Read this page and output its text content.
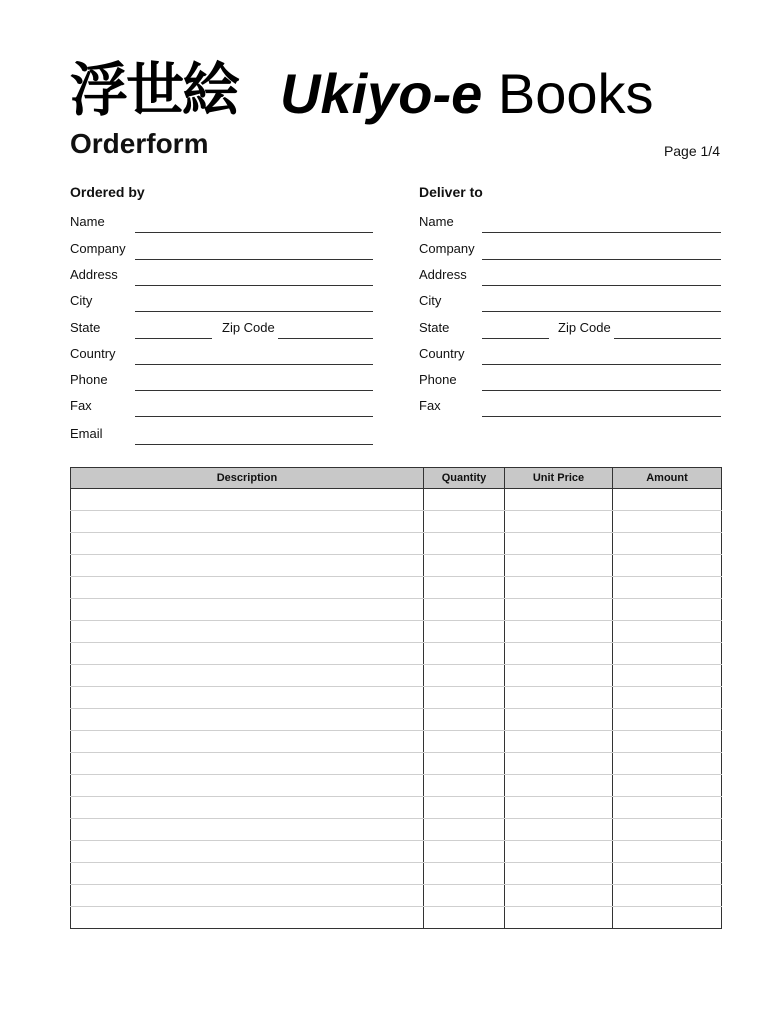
浮世絵 Ukiyo-e Books
Orderform	Page 1/4
Ordered by
Name
Company
Address
City
State	Zip Code
Country
Phone
Fax
Email
Deliver to
Name
Company
Address
City
State	Zip Code
Country
Phone
Fax
Description	Quantity	Unit Price	Amount
